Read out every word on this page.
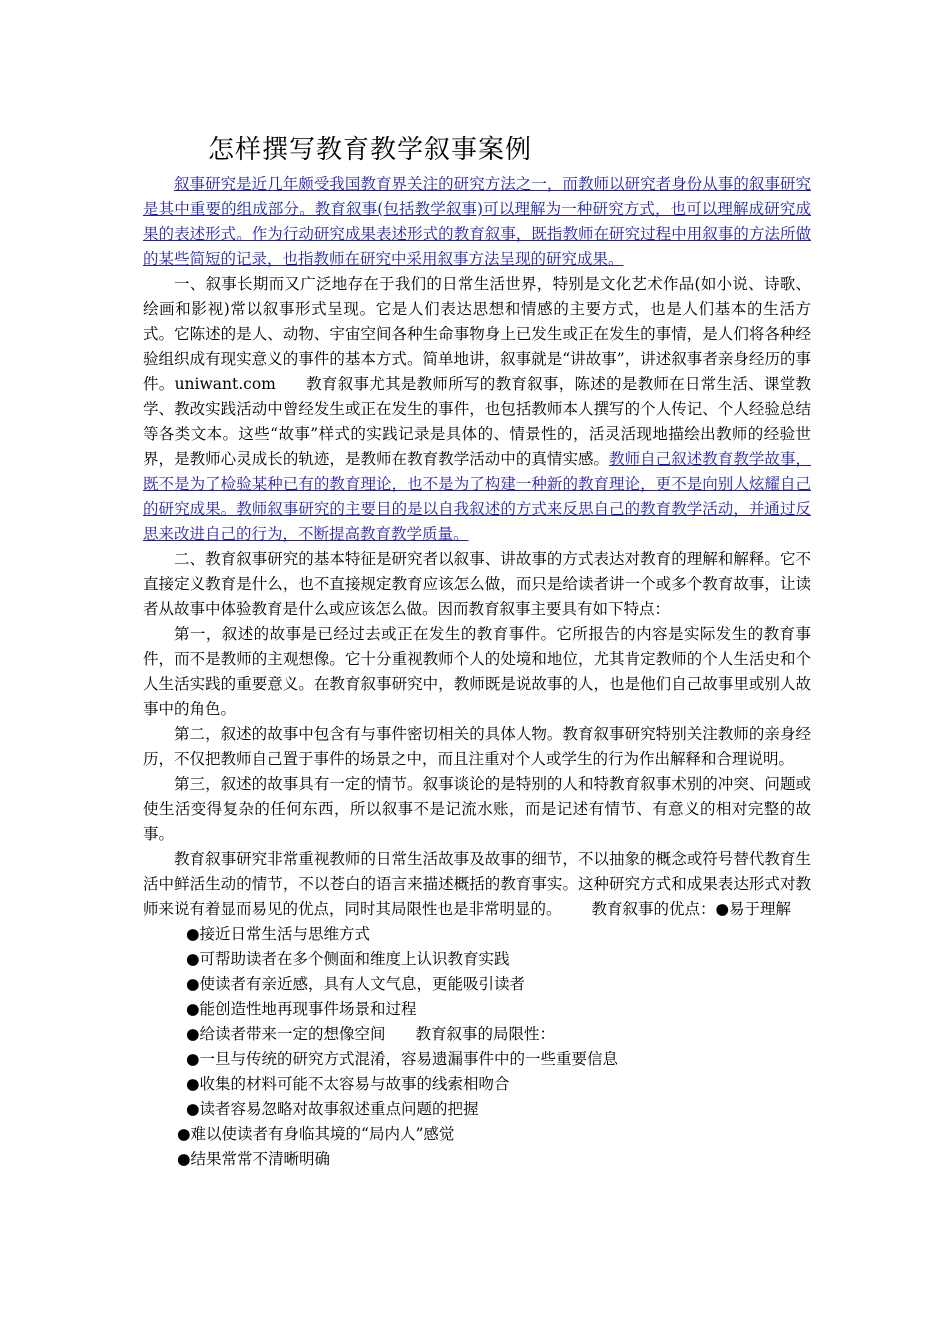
怎样撰写教育教学叙事案例

叙事研究是近几年颇受我国教育界关注的研究方法之一，而教师以研究者身份从事的叙事研究是其中重要的组成部分。教育叙事(包括教学叙事)可以理解为一种研究方式，也可以理解成研究成果的表述形式。作为行动研究成果表述形式的教育叙事，既指教师在研究过程中用叙事的方法所做的某些简短的记录，也指教师在研究中采用叙事方法呈现的研究成果。

一、叙事长期而又广泛地存在于我们的日常生活世界，特别是文化艺术作品(如小说、诗歌、绘画和影视)常以叙事形式呈现。它是人们表达思想和情感的主要方式，也是人们基本的生活方式。它陈述的是人、动物、宇宙空间各种生命事物身上已发生或正在发生的事情，是人们将各种经验组织成有现实意义的事件的基本方式。简单地讲，叙事就是“讲故事”，讲述叙事者亲身经历的事件。uniwant.com 教育叙事尤其是教师所写的教育叙事，陈述的是教师在日常生活、课堂教学、教改实践活动中曾经发生或正在发生的事件，也包括教师本人撰写的个人传记、个人经验总结等各类文本。这些“故事”样式的实践记录是具体的、情景性的，活灵活现地描绘出教师的经验世界，是教师心灵成长的轨迹，是教师在教育教学活动中的真情实感。教师自己叙述教育教学故事，既不是为了检验某种已有的教育理论，也不是为了构建一种新的教育理论，更不是向别人炫耀自己的研究成果。教师叙事研究的主要目的是以自我叙述的方式来反思自己的教育教学活动，并通过反思来改进自己的行为，不断提高教育教学质量。

二、教育叙事研究的基本特征是研究者以叙事、讲故事的方式表达对教育的理解和解释。它不直接定义教育是什么，也不直接规定教育应该怎么做，而只是给读者讲一个或多个教育故事，让读者从故事中体验教育是什么或应该怎么做。因而教育叙事主要具有如下特点：

第一，叙述的故事是已经过去或正在发生的教育事件。它所报告的内容是实际发生的教育事件，而不是教师的主观想像。它十分重视教师个人的处境和地位，尤其肯定教师的个人生活史和个人生活实践的重要意义。在教育叙事研究中，教师既是说故事的人，也是他们自己故事里或别人故事中的角色。

第二，叙述的故事中包含有与事件密切相关的具体人物。教育叙事研究特别关注教师的亲身经历，不仅把教师自己置于事件的场景之中，而且注重对个人或学生的行为作出解释和合理说明。

第三，叙述的故事具有一定的情节。叙事谈论的是特别的人和特教育叙事术别的冲突、问题或使生活变得复杂的任何东西，所以叙事不是记流水账，而是记述有情节、有意义的相对完整的故事。

教育叙事研究非常重视教师的日常生活故事及故事的细节，不以抽象的概念或符号替代教育生活中鲜活生动的情节，不以苍白的语言来描述概括的教育事实。这种研究方式和成果表达形式对教师来说有着显而易见的优点，同时其局限性也是非常明显的。 教育叙事的优点：●易于理解

●接近日常生活与思维方式
●可帮助读者在多个侧面和维度上认识教育实践
●使读者有亲近感，具有人文气息，更能吸引读者
●能创造性地再现事件场景和过程
●给读者带来一定的想像空间 教育叙事的局限性：
●一旦与传统的研究方式混淆，容易遗漏事件中的一些重要信息
●收集的材料可能不太容易与故事的线索相吻合
●读者容易忽略对故事叙述重点问题的把握
●难以使读者有身临其境的“局内人”感觉
●结果常常不清晰明确
